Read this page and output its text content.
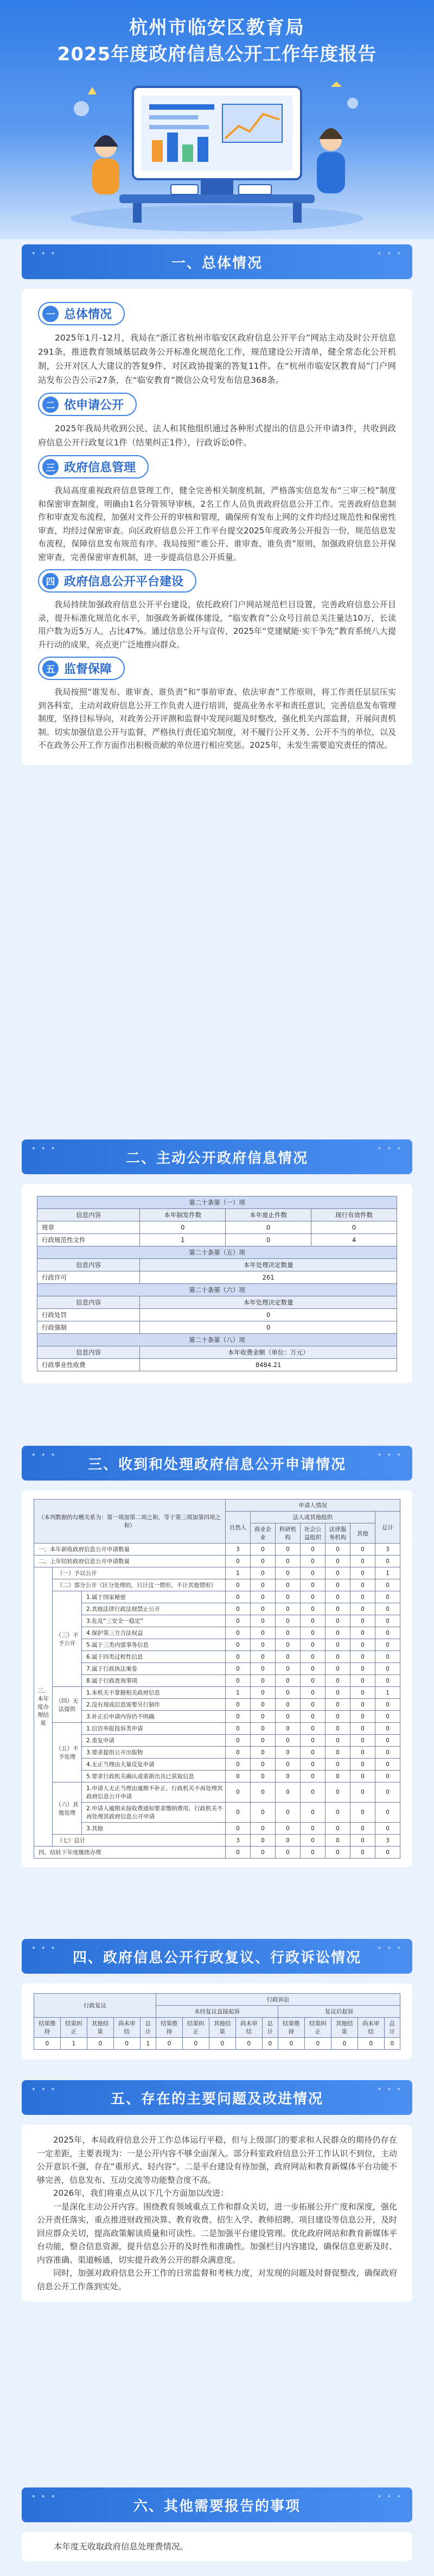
杭州市临安区教育局
2025年度政府信息公开工作年度报告
• • •
一、总体情况
• • •
一 总体情况

2025年1月-12月，我局在“浙江省杭州市临安区政府信息公开平台”网站主动及时公开信息291条，推进教育领域基层政务公开标准化规范化工作，规范建设公开清单，健全常态化公开机制，公开对区人大建议的答复9件、对区政协提案的答复11件。在“杭州市临安区教育局”门户网站发布公告公示27条，在“临安教育”微信公众号发布信息368条。

二 依申请公开

2025年我局共收到公民、法人和其他组织通过各种形式提出的信息公开申请3件，共收到政府信息公开行政复议1件（结果纠正1件），行政诉讼0件。

三 政府信息管理

我局高度重视政府信息管理工作，健全完善相关制度机制，严格落实信息发布“三审三校”制度和保密审查制度，明确由1名分管领导审核，2名工作人员负责政府信息公开工作。完善政府信息制作和审查发布流程，加强对文件公开的审核和管理，确保所有发布上网的文件均经过规范性和保密性审查，均经过保密审查。向区政府信息公开工作平台提交2025年度政务公开报告一份，规范信息发布流程，保障信息发布规范有序。我局按照“谁公开、谁审查、谁负责”原则，加强政府信息公开保密审查，完善保密审查机制，进一步提高信息公开质量。

四 政府信息公开平台建设

我局持续加强政府信息公开平台建设，依托政府门户网站规范栏目设置，完善政府信息公开目录，提升标准化规范化水平，加强政务新媒体建设，“临安教育”公众号目前总关注量达10万，长读用户数为近5万人，占比47%。通过信息公开与宣传，2025年“党建赋能·实干争先”教育系统八大提升行动的成果，亮点更广泛地推向群众。

五 监督保障

我局按照“谁发布、谁审查、谁负责”和“事前审查、依法审查”工作原则，将工作责任层层压实到各科室，主动对政府信息公开工作负责人进行培训，提高业务水平和责任意识，完善信息发布管理制度，坚持目标导向，对政务公开评测和监督中发现问题及时整改，强化机关内部监督，开展问责机制。切实加强信息公开与监督，严格执行责任追究制度，对不履行公开义务、公开不当的单位，以及不在政务公开工作方面作出积极贡献的单位进行相应奖惩。2025年，未发生需要追究责任的情况。

• • •
二、主动公开政府信息情况
• • •
第二十条第（一）项			
信息内容	本年制发件数	本年废止件数	现行有效件数
规章	0	0	0
行政规范性文件	1	0	4
第二十条第（五）项			
信息内容	本年处理决定数量		
行政许可	261		
第二十条第（六）项			
信息内容	本年处理决定数量		
行政处罚	0		
行政强制	0		
第二十条第（八）项			
信息内容	本年收费金额（单位：万元）		
行政事业性收费	8484.21		
• • •
三、收到和处理政府信息公开申请情况
• • •
（本列数据的勾稽关系为：第一项加第二项之和，等于第三项加第四项之和）			申请人情况						
			自然人	法人或其他组织					总计
				商业企业	科研机构	社会公益组织	法律服务机构	其他	
一、本年新收政府信息公开申请数量			3	0	0	0	0	0	3
二、上年结转政府信息公开申请数量			0	0	0	0	0	0	0
三、本年度办理结果	（一）予以公开		1	0	0	0	0	0	1
	（二）部分公开（区分处理的，只计这一情形，不计其他情形）		0	0	0	0	0	0	0
	（三）不予公开	1.属于国家秘密	0	0	0	0	0	0	0
		2.其他法律行政法规禁止公开	0	0	0	0	0	0	0
		3.危及“三安全一稳定”	0	0	0	0	0	0	0
		4.保护第三方合法权益	0	0	0	0	0	0	0
		5.属于三类内部事务信息	0	0	0	0	0	0	0
		6.属于四类过程性信息	0	0	0	0	0	0	0
		7.属于行政执法案卷	0	0	0	0	0	0	0
		8.属于行政查询事项	0	0	0	0	0	0	0
	（四）无法提供	1.本机关不掌握相关政府信息	1	0	0	0	0	0	1
		2.没有现成信息需要另行制作	0	0	0	0	0	0	0
		3.补正后申请内容仍不明确	0	0	0	0	0	0	0
	（五）不予处理	1.信访举报投诉类申请	0	0	0	0	0	0	0
		2.重复申请	0	0	0	0	0	0	0
		3.要求提供公开出版物	0	0	0	0	0	0	0
		4.无正当理由大量反复申请	0	0	0	0	0	0	0
		5.要求行政机关确认或重新出具已获取信息	0	0	0	0	0	0	0
	（六）其他处理	1.申请人无正当理由逾期不补正、行政机关不再处理其政府信息公开申请	0	0	0	0	0	0	0
		2.申请人逾期未按收费通知要求缴纳费用、行政机关不再处理其政府信息公开申请	0	0	0	0	0	0	0
		3.其他	0	0	0	0	0	0	0
	（七）总计		3	0	0	0	0	0	3
四、结转下年度继续办理			0	0	0	0	0	0	0
• • •
四、政府信息公开行政复议、行政诉讼情况
• • •
行政复议					行政诉讼									
					未经复议直接起诉					复议后起诉				
结果维持	结果纠正	其他结果	尚未审结	总计	结果维持	结果纠正	其他结果	尚未审结	总计	结果维持	结果纠正	其他结果	尚未审结	总计
0	1	0	0	1	0	0	0	0	0	0	0	0	0	0
• • •
五、存在的主要问题及改进情况
• • •

2025年，本局政府信息公开工作总体运行平稳，但与上级部门的要求和人民群众的期待仍存在一定差距，主要表现为：一是公开内容不够全面深入。部分科室政府信息公开工作认识不到位，主动公开意识不强，存在“重形式、轻内容”。二是平台建设有待加强，政府网站和教育新媒体平台功能不够完善，信息发布、互动交流等功能整合度不高。

2026年，我们将重点从以下几个方面加以改进：

一是深化主动公开内容。围绕教育领域重点工作和群众关切，进一步拓展公开广度和深度，强化公开责任落实，重点推进财政预决算、教育收费、招生入学、教师招聘、项目建设等信息公开，及时回应群众关切，提高政策解读质量和可读性。二是加强平台建设管理。优化政府网站和教育新媒体平台功能，整合信息资源，提升信息公开的及时性和准确性。加强栏目内容建设，确保信息更新及时、内容准确、渠道畅通，切实提升政务公开的群众满意度。

同时，加强对政府信息公开工作的日常监督和考核力度，对发现的问题及时督促整改，确保政府信息公开工作落到实处。

• • •
六、其他需要报告的事项
• • •

本年度无收取政府信息处理费情况。
